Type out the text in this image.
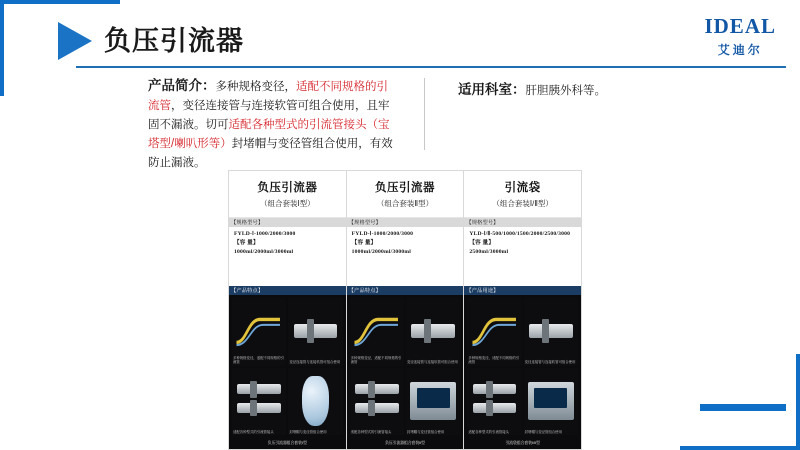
负压引流器	IDEAL
艾迪尔
产品简介：多种规格变径，适配不同规格的引流管，变径连接管与连接软管可组合使用，且牢固不漏液。切可适配各种型式的引流管接头（宝塔型/喇叭形等）封堵帽与变径管组合使用，有效防止漏液。
适用科室：肝胆胰外科等。
负压引流器
（组合套装Ⅰ型）
【规格型号】
FYLD-Ⅰ-1000/2000/3000
【容 量】
1000ml/2000ml/3000ml
【产品特点】
多种规格变径，适配不同规格的引流管	变径连接管与连接软管可组合使用
适配各种型式的引流管接头	封堵帽与变径管组合使用
负压引流器组合套装Ⅰ型
负压引流器
（组合套装Ⅱ型）
【规格型号】
FYLD-Ⅰ-1000/2000/3000
【容 量】
1000ml/2000ml/3000ml
【产品特点】
多种规格变径，适配不同规格的引流管	变径连接管与连接软管可组合使用
适配各种型式的引流管接头	封堵帽与变径管组合使用
负压引流器组合套装Ⅱ型
引流袋
（组合套装Ⅰ/Ⅱ型）
【规格型号】
YLD-Ⅰ/Ⅱ-500/1000/1500/2000/2500/3000
【容 量】
2500ml/3000ml
【产品用途】
多种规格变径，适配不同规格的引流管	变径连接管与连接软管可组合使用
适配各种型式的引流管接头	封堵帽与变径管组合使用
引流袋组合套装Ⅰ/Ⅱ型
